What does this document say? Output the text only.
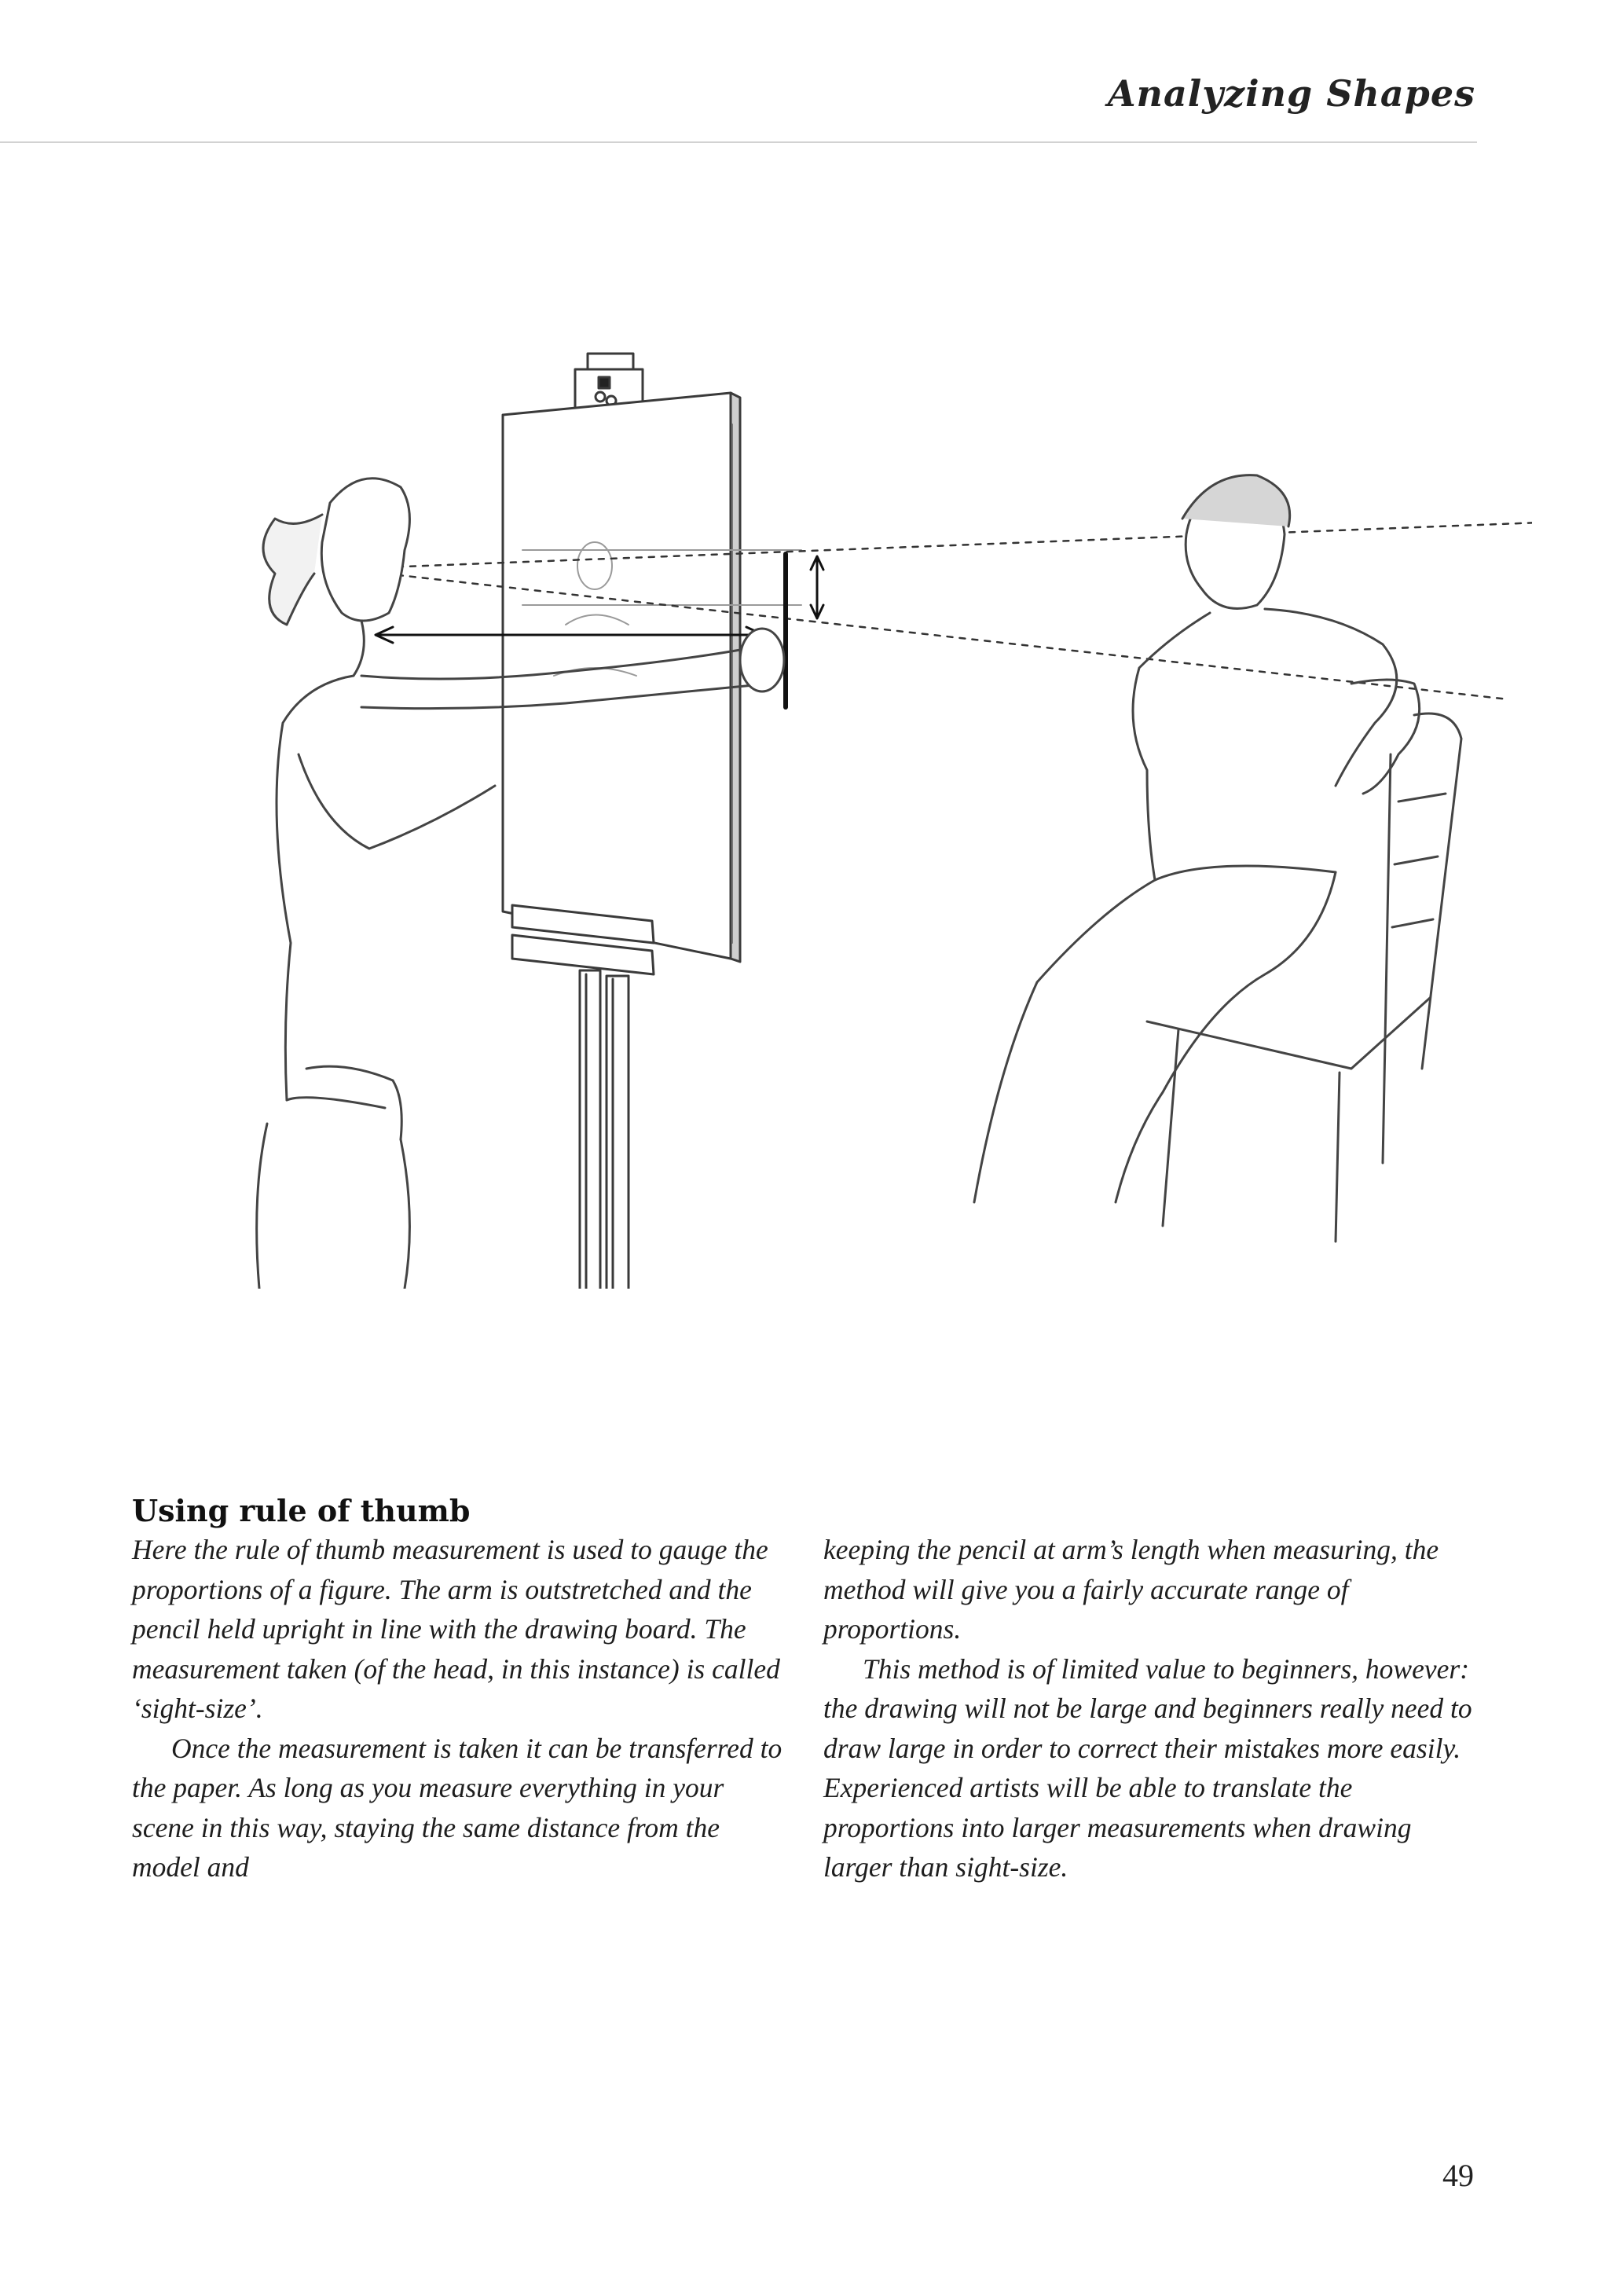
Analyzing Shapes
Using rule of thumb

Here the rule of thumb measurement is used to gauge the proportions of a figure. The arm is outstretched and the pencil held upright in line with the drawing board. The measurement taken (of the head, in this instance) is called ‘sight-size’.

Once the measurement is taken it can be transferred to the paper. As long as you measure everything in your scene in this way, staying the same distance from the model and

keeping the pencil at arm’s length when measuring, the method will give you a fairly accurate range of proportions.

This method is of limited value to beginners, however: the drawing will not be large and beginners really need to draw large in order to correct their mistakes more easily. Experienced artists will be able to translate the proportions into larger measurements when drawing larger than sight-size.

49
